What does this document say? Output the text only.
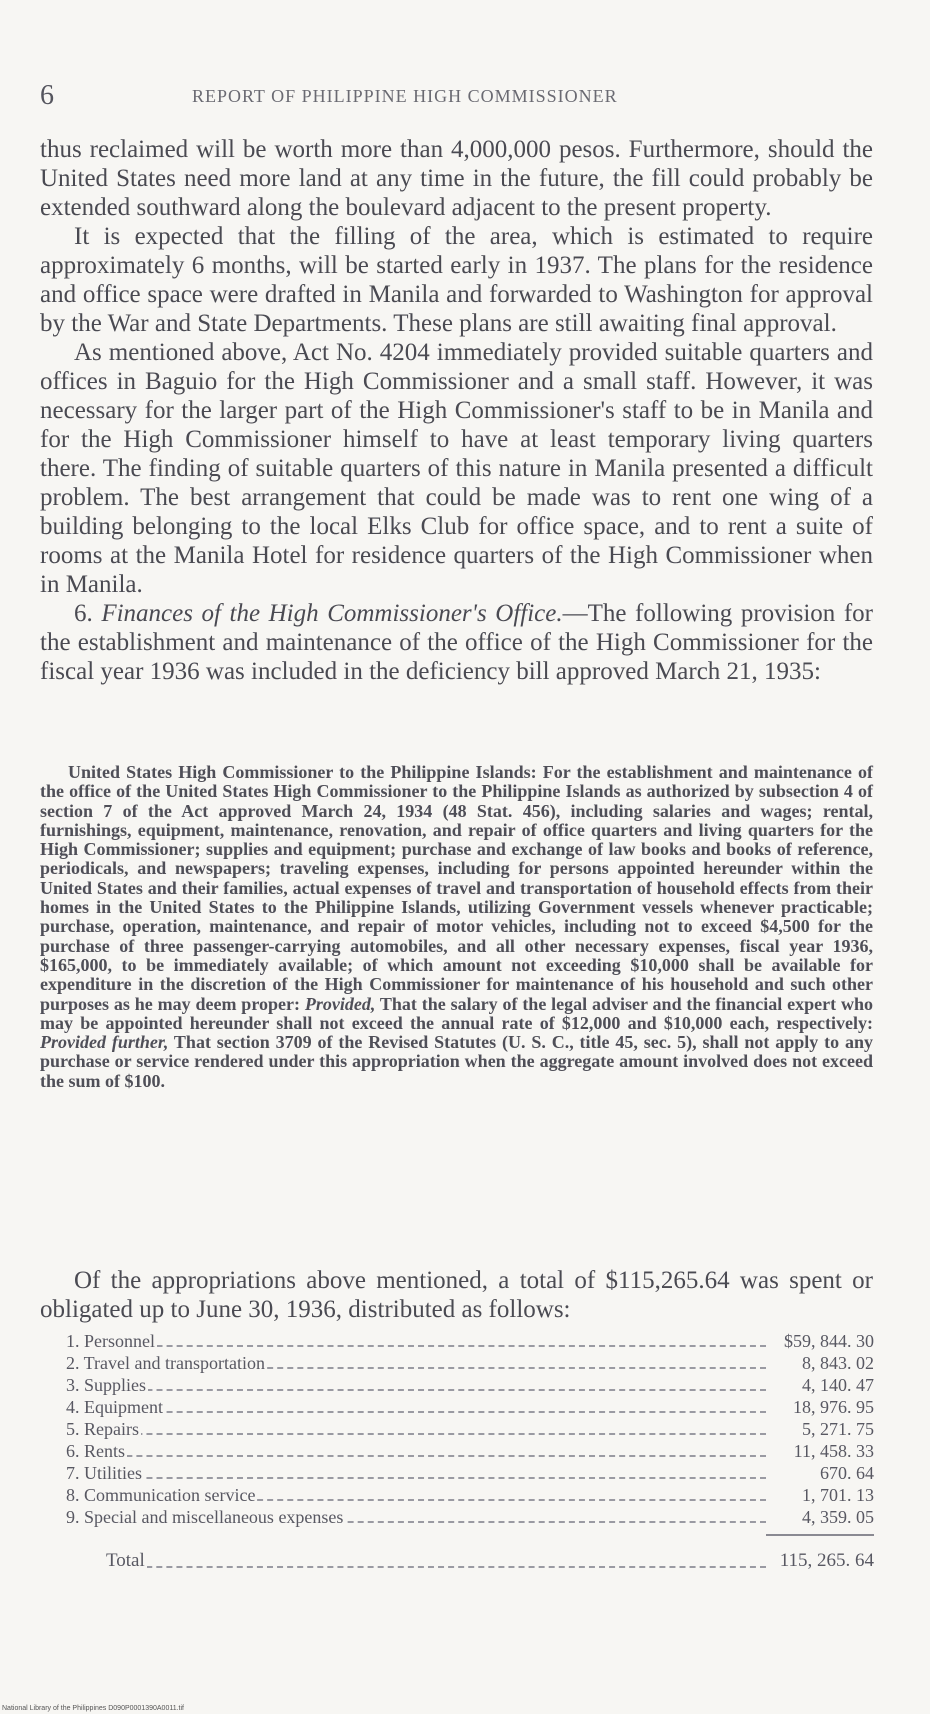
6	REPORT OF PHILIPPINE HIGH COMMISSIONER

thus reclaimed will be worth more than 4,000,000 pesos. Furthermore, should the United States need more land at any time in the future, the fill could probably be extended southward along the boulevard adjacent to the present property.

It is expected that the filling of the area, which is estimated to require approximately 6 months, will be started early in 1937. The plans for the residence and office space were drafted in Manila and forwarded to Washington for approval by the War and State Departments. These plans are still awaiting final approval.

As mentioned above, Act No. 4204 immediately provided suitable quarters and offices in Baguio for the High Commissioner and a small staff. However, it was necessary for the larger part of the High Commissioner's staff to be in Manila and for the High Commissioner himself to have at least temporary living quarters there. The finding of suitable quarters of this nature in Manila presented a difficult problem. The best arrangement that could be made was to rent one wing of a building belonging to the local Elks Club for office space, and to rent a suite of rooms at the Manila Hotel for residence quarters of the High Commissioner when in Manila.

6. Finances of the High Commissioner's Office.—The following provision for the establishment and maintenance of the office of the High Commissioner for the fiscal year 1936 was included in the deficiency bill approved March 21, 1935:

United States High Commissioner to the Philippine Islands: For the establishment and maintenance of the office of the United States High Commissioner to the Philippine Islands as authorized by subsection 4 of section 7 of the Act approved March 24, 1934 (48 Stat. 456), including salaries and wages; rental, furnishings, equipment, maintenance, renovation, and repair of office quarters and living quarters for the High Commissioner; supplies and equipment; purchase and exchange of law books and books of reference, periodicals, and newspapers; traveling expenses, including for persons appointed hereunder within the United States and their families, actual expenses of travel and transportation of household effects from their homes in the United States to the Philippine Islands, utilizing Government vessels whenever practicable; purchase, operation, maintenance, and repair of motor vehicles, including not to exceed $4,500 for the purchase of three passenger-carrying automobiles, and all other necessary expenses, fiscal year 1936, $165,000, to be immediately available; of which amount not exceeding $10,000 shall be available for expenditure in the discretion of the High Commissioner for maintenance of his household and such other purposes as he may deem proper: Provided, That the salary of the legal adviser and the financial expert who may be appointed hereunder shall not exceed the annual rate of $12,000 and $10,000 each, respectively: Provided further, That section 3709 of the Revised Statutes (U. S. C., title 45, sec. 5), shall not apply to any purchase or service rendered under this appropriation when the aggregate amount involved does not exceed the sum of $100.

Of the appropriations above mentioned, a total of $115,265.64 was spent or obligated up to June 30, 1936, distributed as follows:

1. Personnel	$59, 844. 30
2. Travel and transportation	8, 843. 02
3. Supplies	4, 140. 47
4. Equipment	18, 976. 95
5. Repairs	5, 271. 75
6. Rents	11, 458. 33
7. Utilities	670. 64
8. Communication service	1, 701. 13
9. Special and miscellaneous expenses	4, 359. 05
Total	115, 265. 64
National Library of the Philippines D090P0001390A0011.tif
